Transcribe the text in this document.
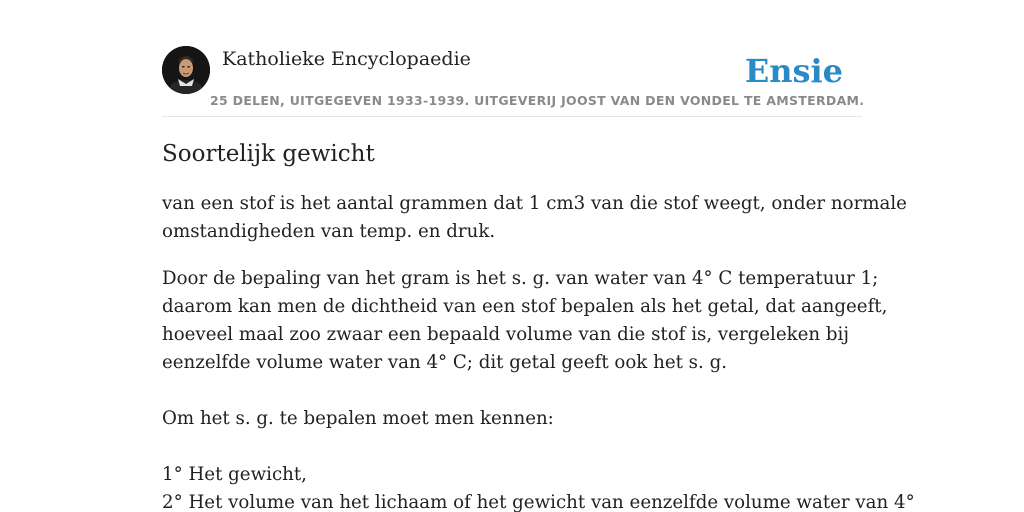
Katholieke Encyclopaedie
25 DELEN, UITGEGEVEN 1933-1939. UITGEVERIJ JOOST VAN DEN VONDEL TE AMSTERDAM.
Ensie
Soortelijk gewicht

van een stof is het aantal grammen dat 1 cm3 van die stof weegt, onder normale
omstandigheden van temp. en druk.

Door de bepaling van het gram is het s. g. van water van 4° C temperatuur 1;
daarom kan men de dichtheid van een stof bepalen als het getal, dat aangeeft,
hoeveel maal zoo zwaar een bepaald volume van die stof is, vergeleken bij
eenzelfde volume water van 4° C; dit getal geeft ook het s. g.
Om het s. g. te bepalen moet men kennen:
1° Het gewicht,
2° Het volume van het lichaam of het gewicht van eenzelfde volume water van 4°
